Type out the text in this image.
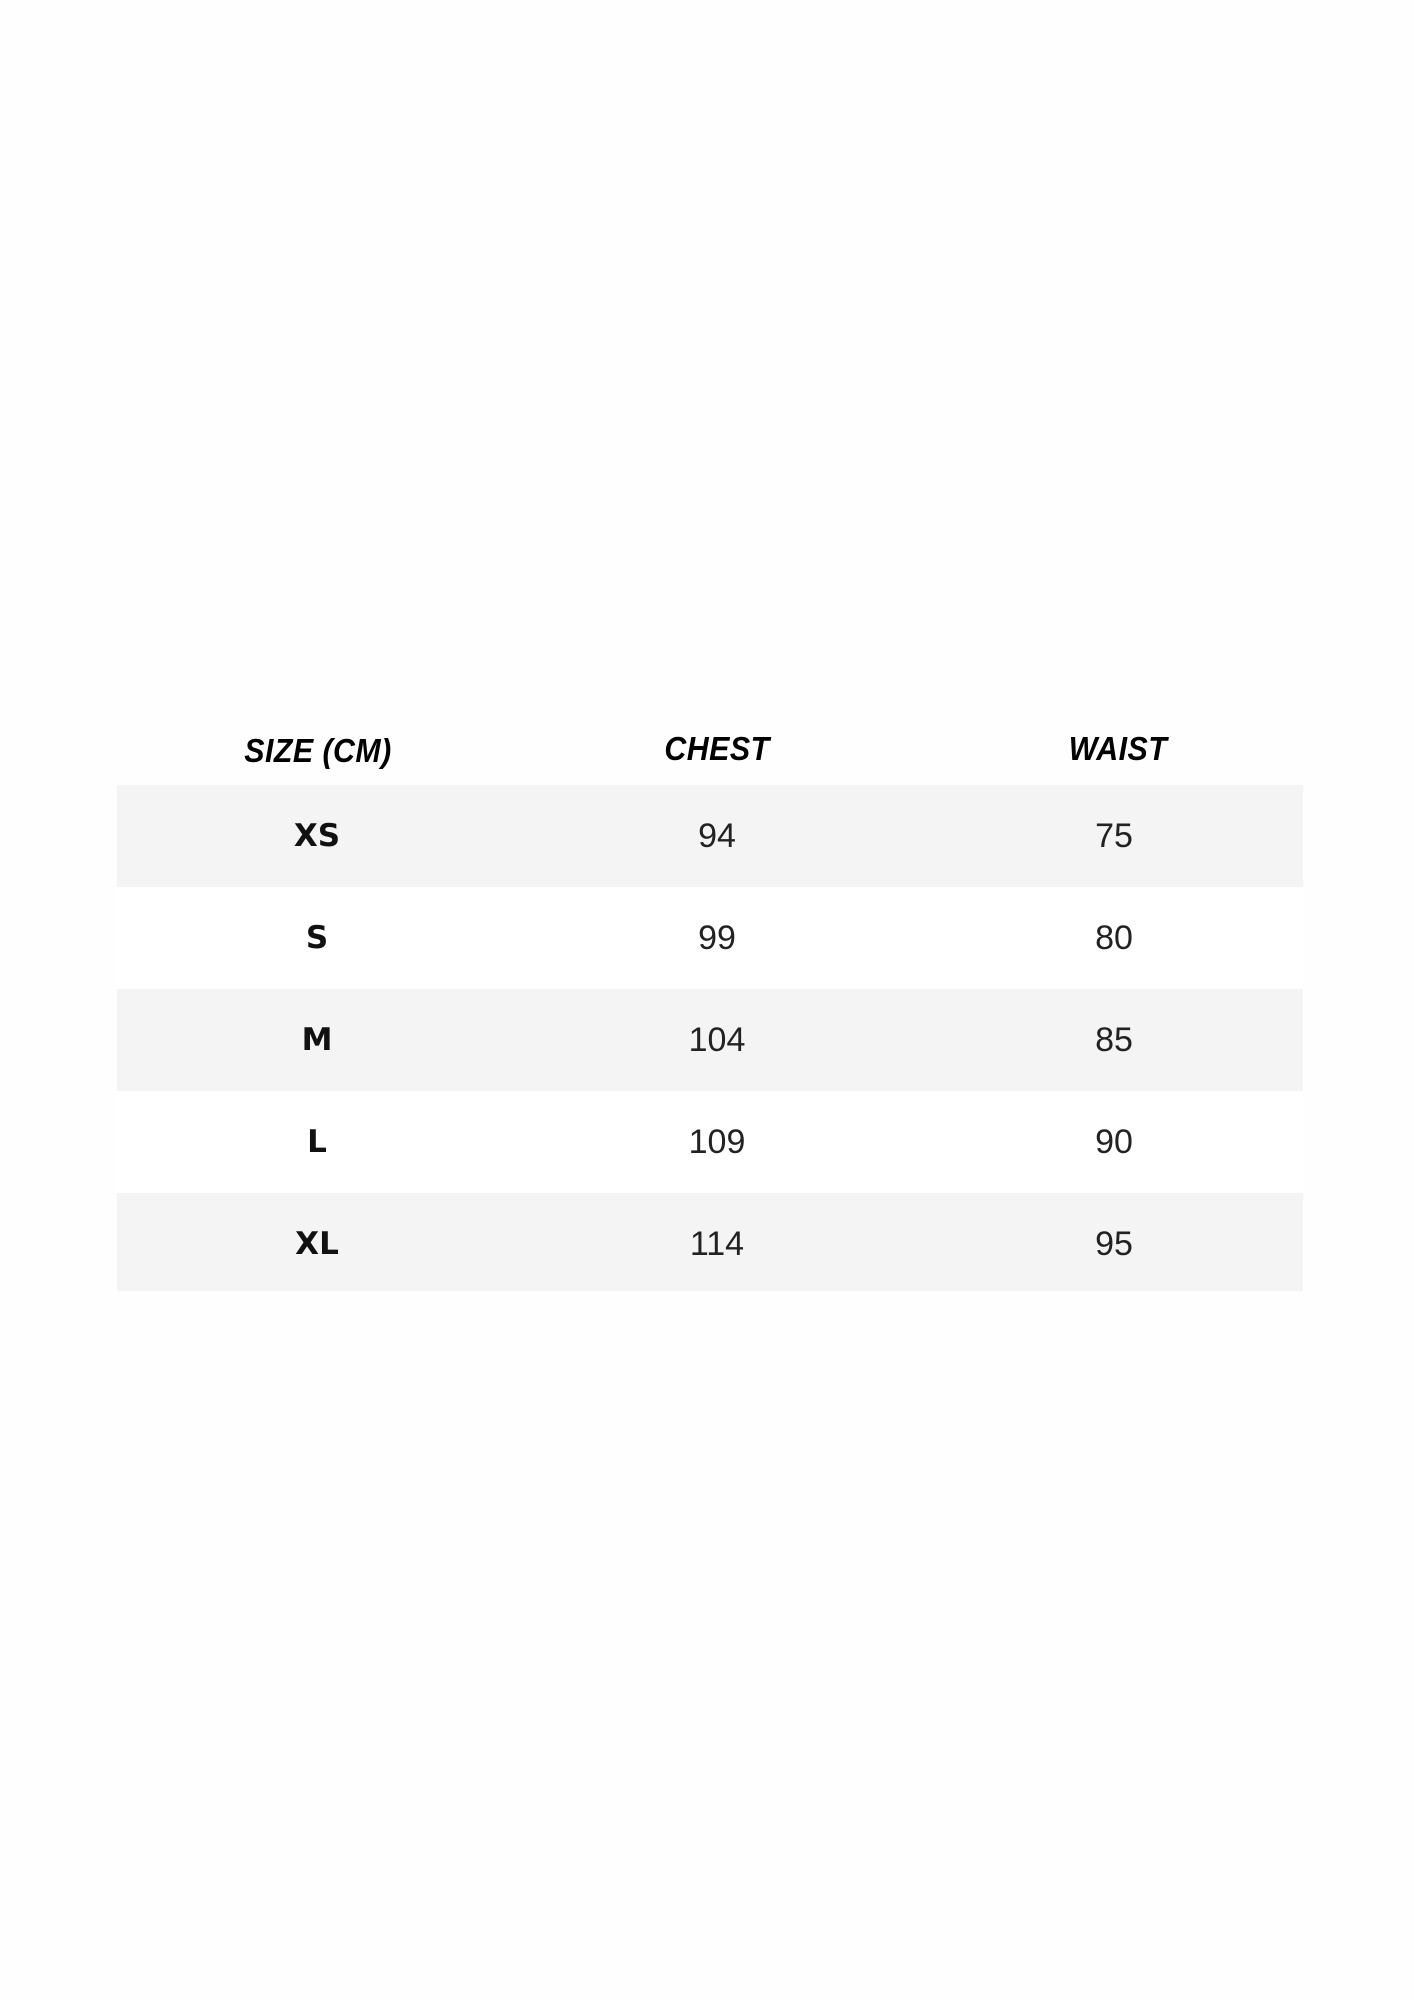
SIZE (CM)	CHEST	WAIST
XS	94	75
S	99	80
M	104	85
L	109	90
XL	114	95
